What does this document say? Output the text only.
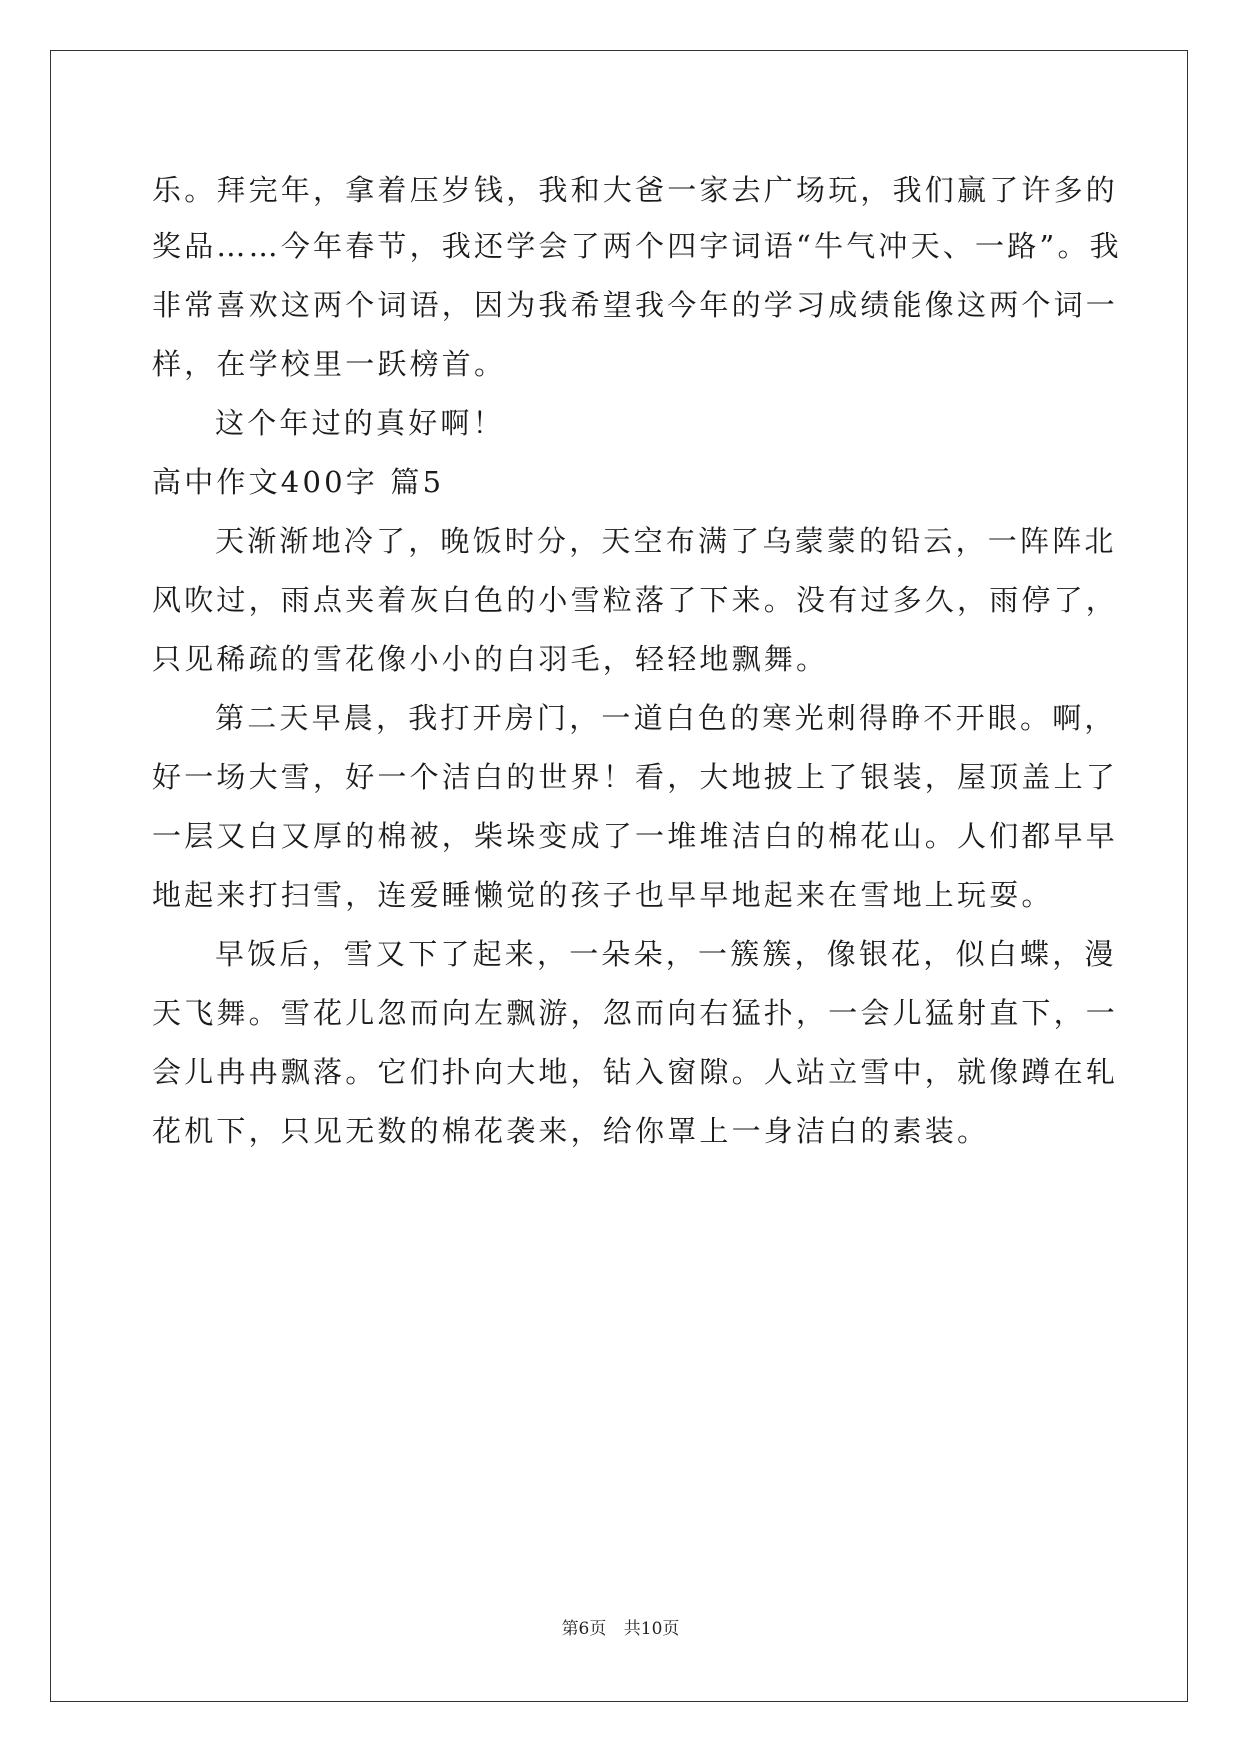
乐。拜完年，拿着压岁钱，我和大爸一家去广场玩，我们赢了许多的
奖品……今年春节，我还学会了两个四字词语“牛气冲天、一路”。我
非常喜欢这两个词语，因为我希望我今年的学习成绩能像这两个词一
样，在学校里一跃榜首。
这个年过的真好啊！
高中作文400字 篇5
天渐渐地冷了，晚饭时分，天空布满了乌蒙蒙的铅云，一阵阵北
风吹过，雨点夹着灰白色的小雪粒落了下来。没有过多久，雨停了，
只见稀疏的雪花像小小的白羽毛，轻轻地飘舞。
第二天早晨，我打开房门，一道白色的寒光刺得睁不开眼。啊，
好一场大雪，好一个洁白的世界！看，大地披上了银装，屋顶盖上了
一层又白又厚的棉被，柴垛变成了一堆堆洁白的棉花山。人们都早早
地起来打扫雪，连爱睡懒觉的孩子也早早地起来在雪地上玩耍。
早饭后，雪又下了起来，一朵朵，一簇簇，像银花，似白蝶，漫
天飞舞。雪花儿忽而向左飘游，忽而向右猛扑，一会儿猛射直下，一
会儿冉冉飘落。它们扑向大地，钻入窗隙。人站立雪中，就像蹲在轧
花机下，只见无数的棉花袭来，给你罩上一身洁白的素装。
第6页 共10页
